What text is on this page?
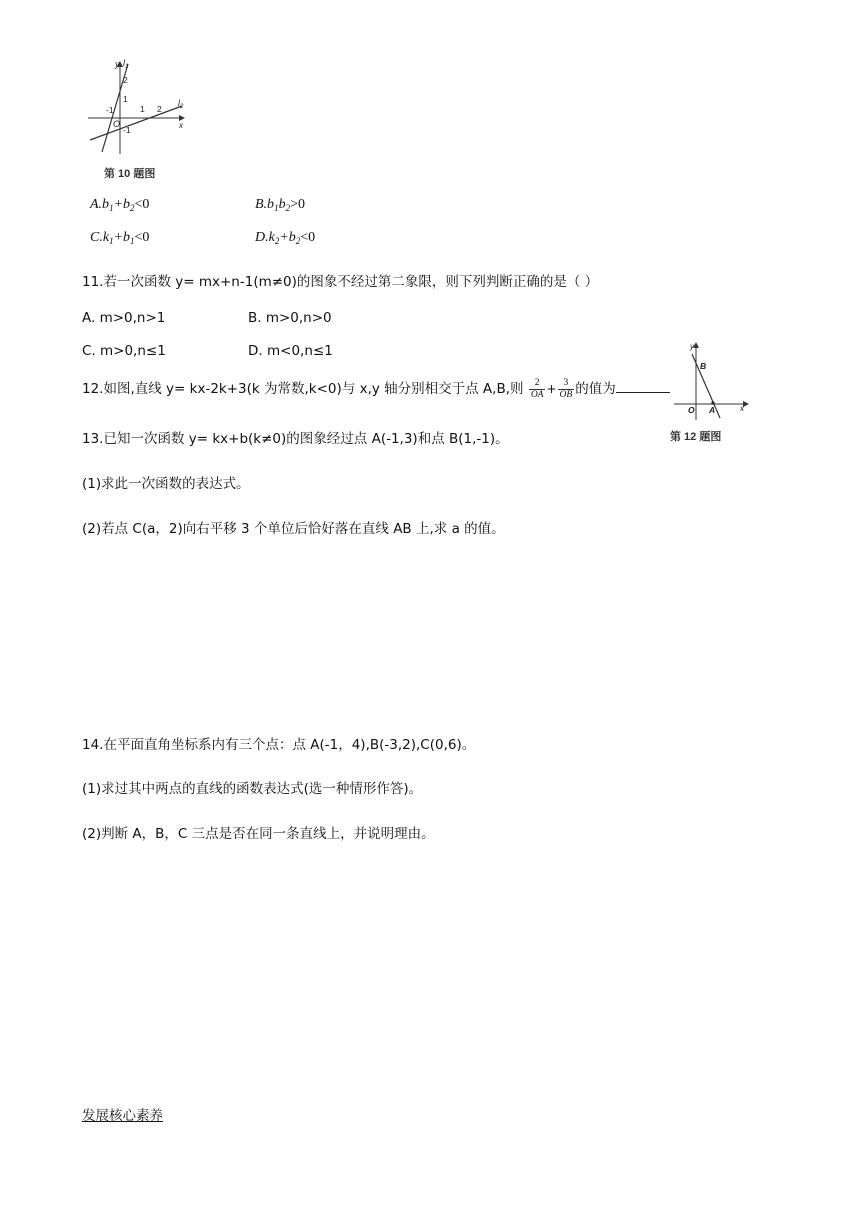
y $l_1$
$l_2$
x
O
2
1
-1	1 2
-1
第 10 题图
$A.b_1+b_2<0$	$B.b_1b_2>0$
$C.k_1+b_1<0$	$D.k_2+b_2<0$
11.若一次函数 y= mx+n-1(m≠0)的图象不经过第二象限，则下列判断正确的是（ ）
A. m>0,n>1	B. m>0,n>0
C. m>0,n≤1	D. m<0,n≤1
12.如图,直线 y= kx-2k+3(k 为常数,k<0)与 x,y 轴分别相交于点 A,B,则 $\frac{2}{OA} + \frac{3}{OB}$ 的值为
y
B
O A	x
第 12 题图
13.已知一次函数 y= kx+b(k≠0)的图象经过点 A(-1,3)和点 B(1,-1)。
(1)求此一次函数的表达式。
(2)若点 C(a，2)向右平移 3 个单位后恰好落在直线 AB 上,求 a 的值。
14.在平面直角坐标系内有三个点：点 A(-1，4),B(-3,2),C(0,6)。
(1)求过其中两点的直线的函数表达式(选一种情形作答)。
(2)判断 A，B，C 三点是否在同一条直线上，并说明理由。
发展核心素养
